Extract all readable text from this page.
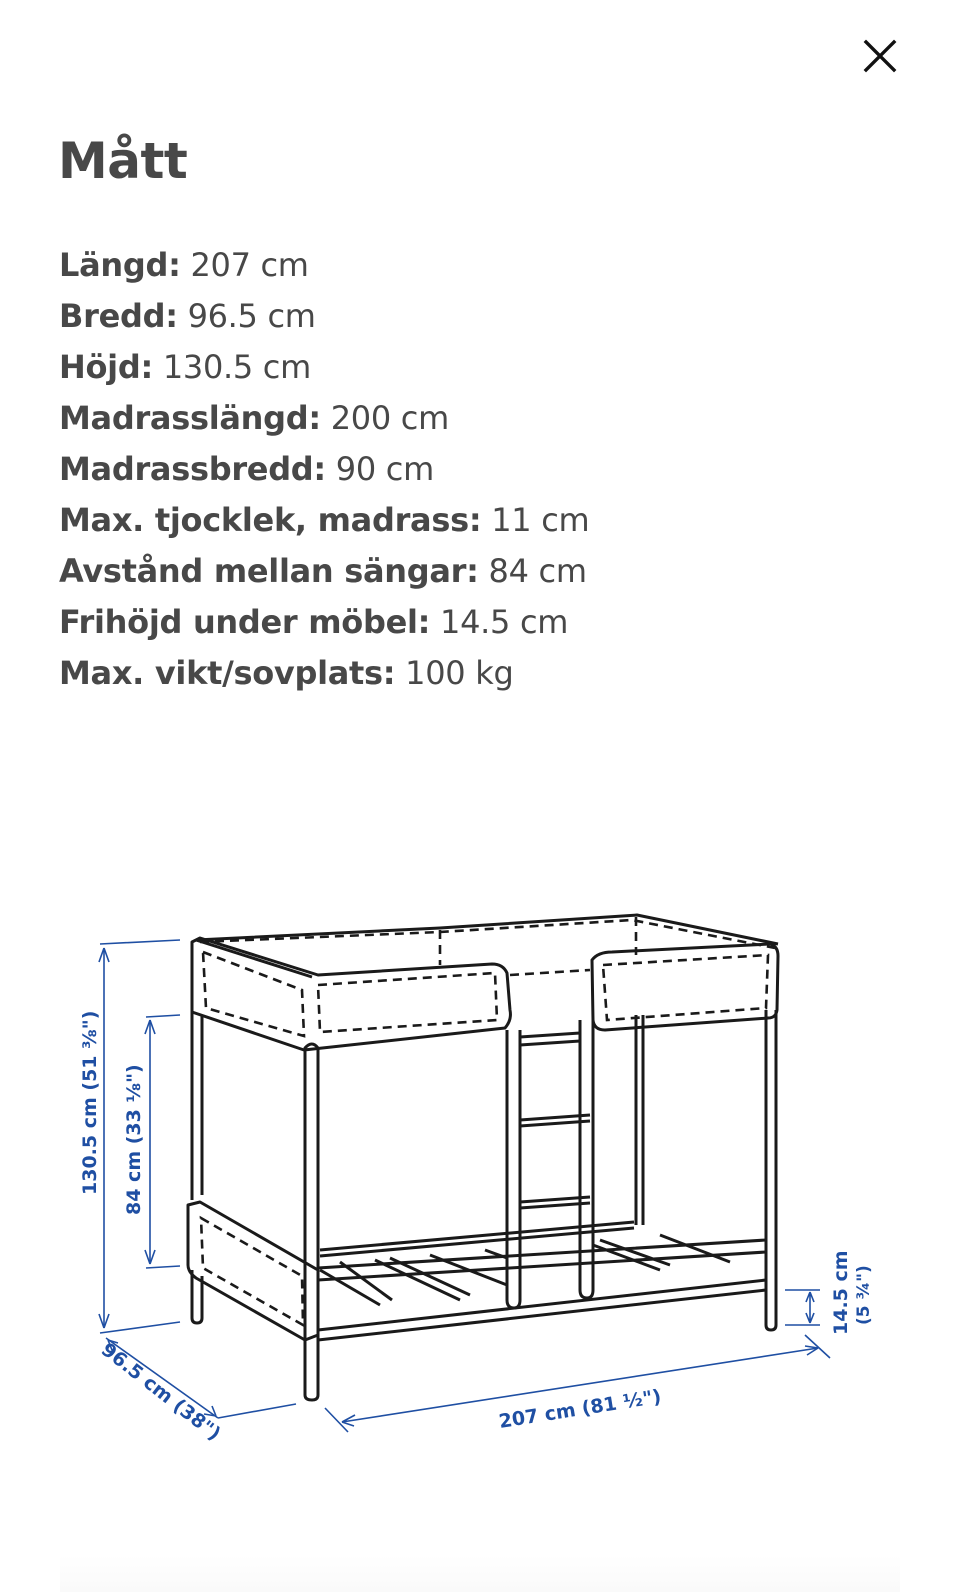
Mått
Längd: 207 cm
Bredd: 96.5 cm
Höjd: 130.5 cm
Madrasslängd: 200 cm
Madrassbredd: 90 cm
Max. tjocklek, madrass: 11 cm
Avstånd mellan sängar: 84 cm
Frihöjd under möbel: 14.5 cm
Max. vikt/sovplats: 100 kg
130.5 cm (51 ⅜") 84 cm (33 ⅛")
96.5 cm (38")	207 cm (81 ½")
14.5 cm (5 ¾")
